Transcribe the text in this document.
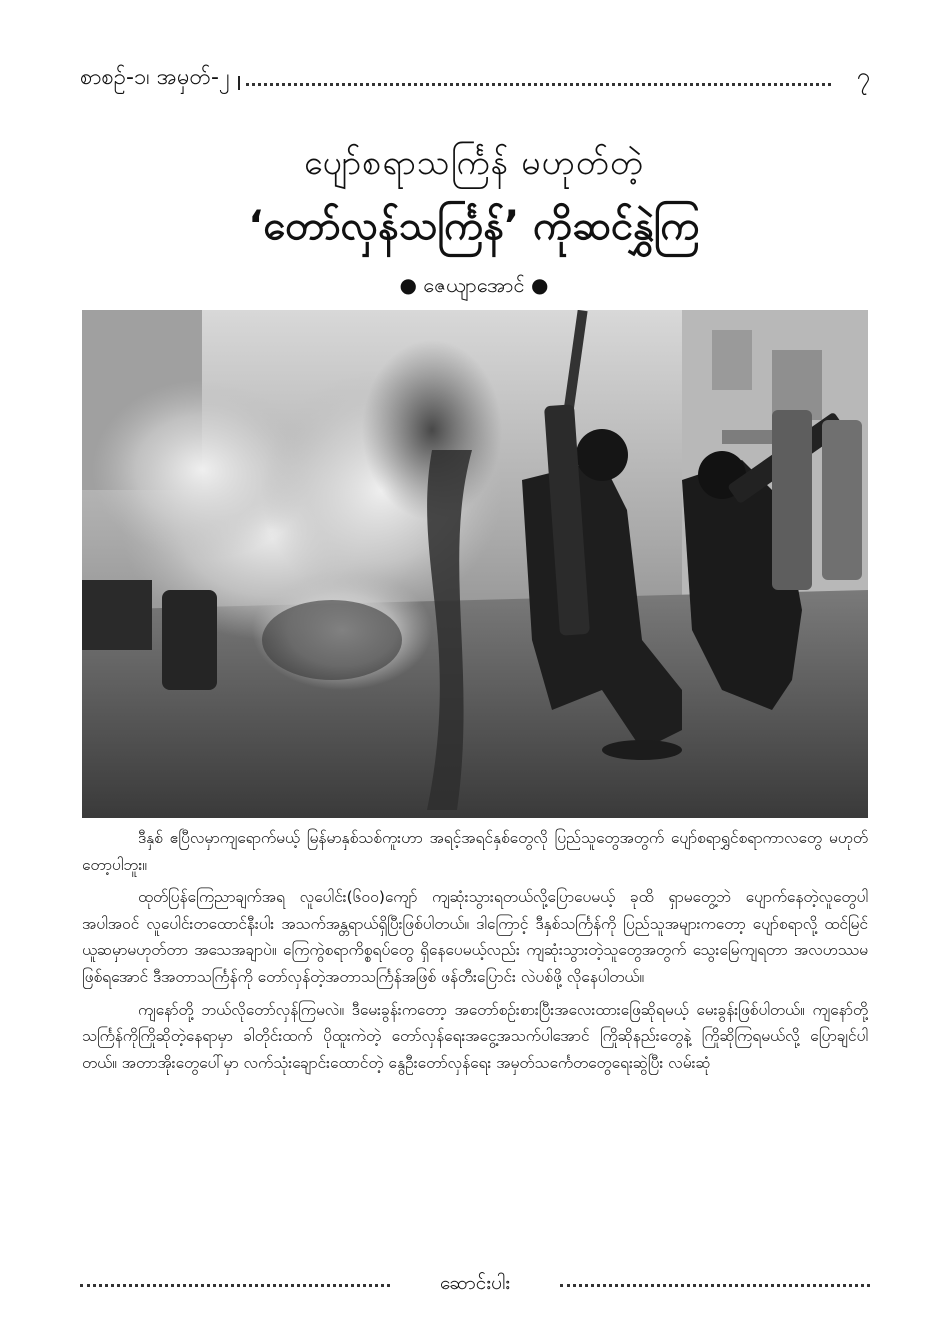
စာစဉ်-၁၊ အမှတ်-၂	၇
ပျော်စရာသင်္ကြန် မဟုတ်တဲ့
‘တော်လှန်သင်္ကြန်’ ကိုဆင်နွှဲကြ
● ဇေယျာအောင် ●

ဒီနှစ် ဧပြီလမှာကျရောက်မယ့် မြန်မာနှစ်သစ်ကူးဟာ အရင့်အရင်နှစ်တွေလို ပြည်သူတွေအတွက် ပျော်စရာရွှင်စရာကာလတွေ မဟုတ်တော့ပါဘူး။

ထုတ်ပြန်ကြေညာချက်အရ လူပေါင်း(၆၀၀)ကျော် ကျဆုံးသွားရတယ်လို့ပြောပေမယ့် ခုထိ ရှာမတွေ့ဘဲ ပျောက်နေတဲ့လူတွေပါအပါအဝင် လူပေါင်းတထောင်နီးပါး အသက်အန္တရာယ်ရှိပြီးဖြစ်ပါတယ်။ ဒါကြောင့် ဒီနှစ်သင်္ကြန်ကို ပြည်သူအများကတော့ ပျော်စရာလို့ ထင်မြင်ယူဆမှာမဟုတ်တာ အသေအချာပဲ။ ကြေကွဲစရာကိစ္စရပ်တွေ ရှိနေပေမယ့်လည်း ကျဆုံးသွားတဲ့သူတွေအတွက် သွေးမြေကျရတာ အလဟဿမဖြစ်ရအောင် ဒီအတာသင်္ကြန်ကို တော်လှန်တဲ့အတာသင်္ကြန်အဖြစ် ဖန်တီးပြောင်း လဲပစ်ဖို့ လိုနေပါတယ်။

ကျနော်တို့ ဘယ်လိုတော်လှန်ကြမလဲ။ ဒီမေးခွန်းကတော့ အတော်စဉ်းစားပြီးအလေးထားဖြေဆိုရမယ့် မေးခွန်းဖြစ်ပါတယ်။ ကျနော်တို့ သင်္ကြန်ကိုကြိုဆိုတဲ့နေရာမှာ ခါတိုင်းထက် ပိုထူးကဲတဲ့ တော်လှန်ရေးအငွေ့အသက်ပါအောင် ကြိုဆိုနည်းတွေနဲ့ ကြိုဆိုကြရမယ်လို့ ပြောချင်ပါတယ်။ အတာအိုးတွေပေါ်မှာ လက်သုံးချောင်းထောင်တဲ့ နွေဦးတော်လှန်ရေး အမှတ်သင်္ကေတတွေရေးဆွဲပြီး လမ်းဆုံ

ဆောင်းပါး
